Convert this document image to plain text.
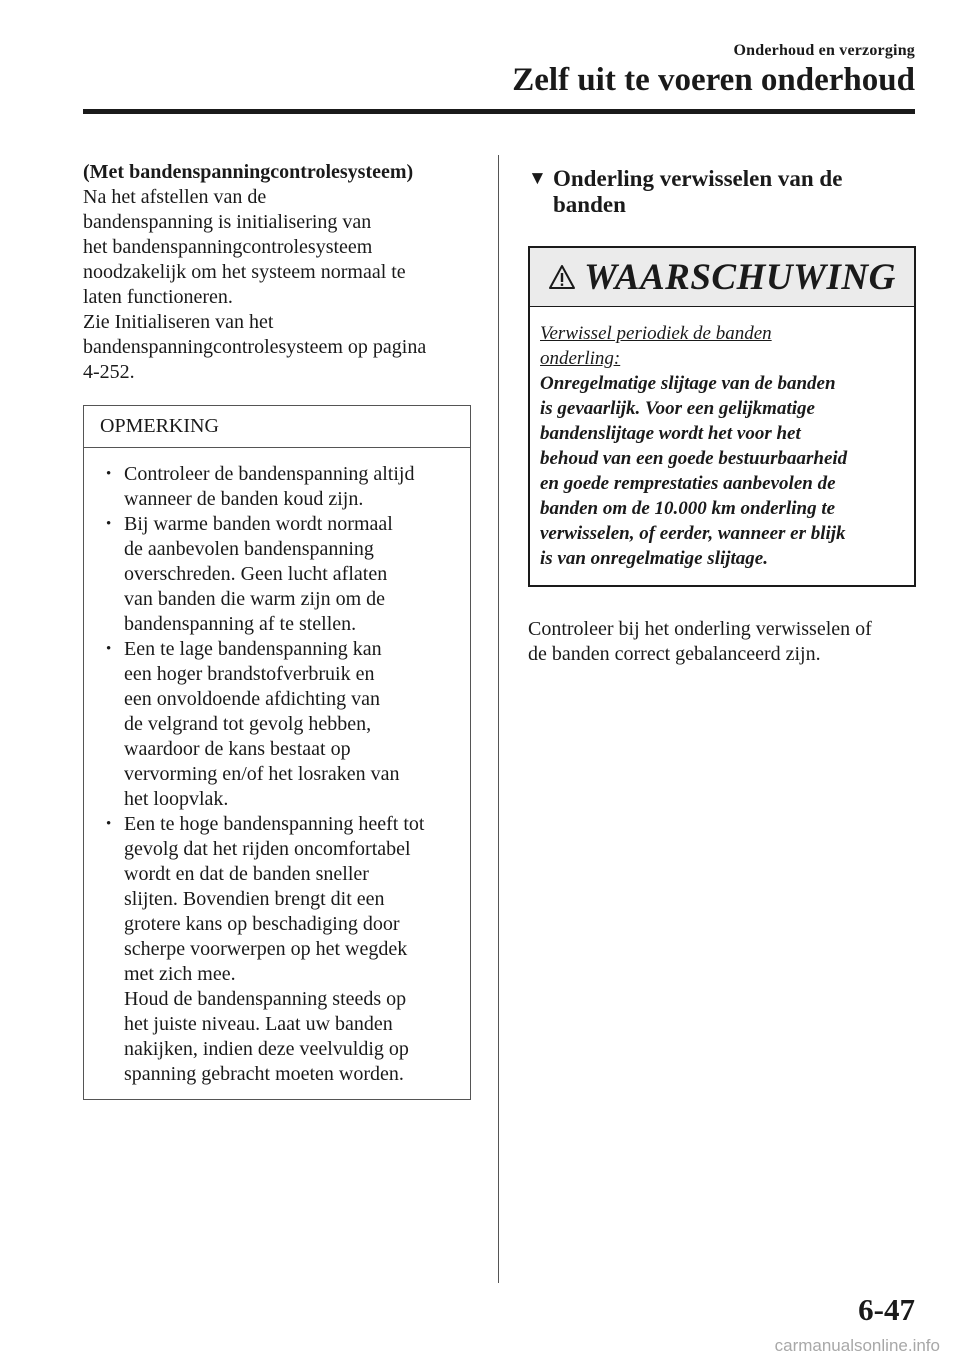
Onderhoud en verzorging
Zelf uit te voeren onderhoud
(Met bandenspanningcontrolesysteem)
Na het afstellen van de
bandenspanning is initialisering van
het bandenspanningcontrolesysteem
noodzakelijk om het systeem normaal te
laten functioneren.
Zie Initialiseren van het
bandenspanningcontrolesysteem op pagina
4-252.
OPMERKING
• Controleer de bandenspanning altijd
wanneer de banden koud zijn.
• Bij warme banden wordt normaal
de aanbevolen bandenspanning
overschreden. Geen lucht aflaten
van banden die warm zijn om de
bandenspanning af te stellen.
• Een te lage bandenspanning kan
een hoger brandstofverbruik en
een onvoldoende afdichting van
de velgrand tot gevolg hebben,
waardoor de kans bestaat op
vervorming en/of het losraken van
het loopvlak.
• Een te hoge bandenspanning heeft tot
gevolg dat het rijden oncomfortabel
wordt en dat de banden sneller
slijten. Bovendien brengt dit een
grotere kans op beschadiging door
scherpe voorwerpen op het wegdek
met zich mee.
Houd de bandenspanning steeds op
het juiste niveau. Laat uw banden
nakijken, indien deze veelvuldig op
spanning gebracht moeten worden.
▼ Onderling verwisselen van de
banden
WAARSCHUWING
Verwissel periodiek de banden
onderling:
Onregelmatige slijtage van de banden
is gevaarlijk. Voor een gelijkmatige
bandenslijtage wordt het voor het
behoud van een goede bestuurbaarheid
en goede remprestaties aanbevolen de
banden om de 10.000 km onderling te
verwisselen, of eerder, wanneer er blijk
is van onregelmatige slijtage.
Controleer bij het onderling verwisselen of
de banden correct gebalanceerd zijn.
6-47
carmanualsonline.info
